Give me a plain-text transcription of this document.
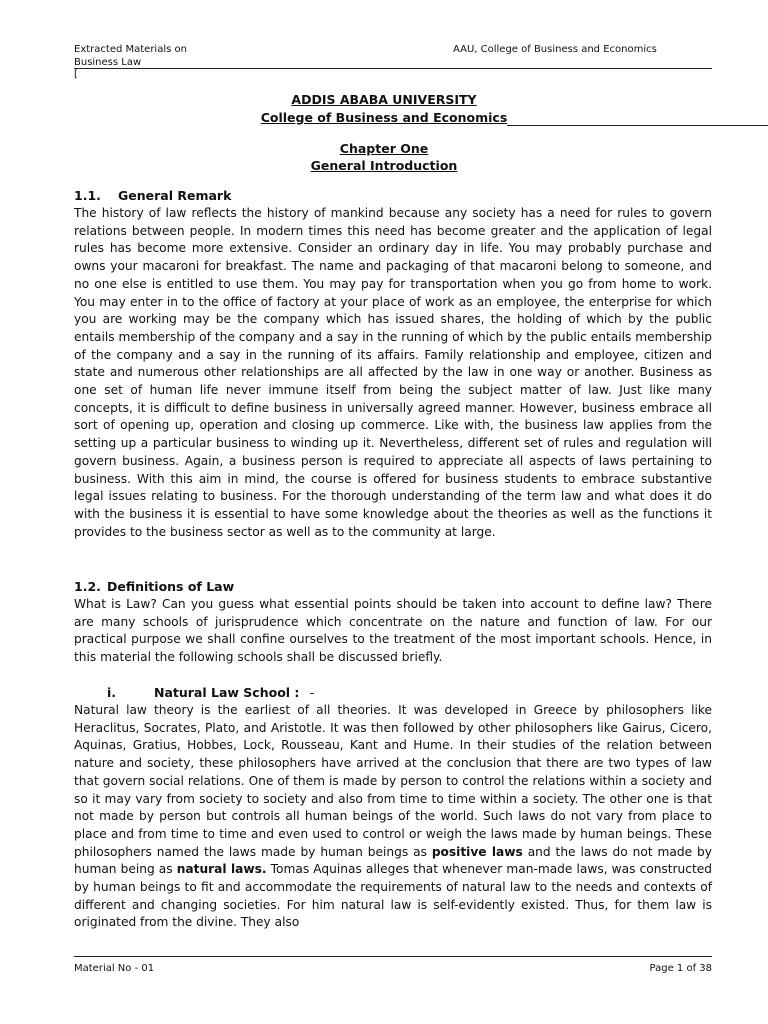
Extracted Materials on
Business Law
AAU, College of Business and Economics
[
ADDIS ABABA UNIVERSITY
College of Business and Economics
Chapter One
General Introduction
1.1. General Remark

The history of law reflects the history of mankind because any society has a need for rules to govern relations between people. In modern times this need has become greater and the application of legal rules has become more extensive. Consider an ordinary day in life. You may probably purchase and owns your macaroni for breakfast. The name and packaging of that macaroni belong to someone, and no one else is entitled to use them. You may pay for transportation when you go from home to work. You may enter in to the office of factory at your place of work as an employee, the enterprise for which you are working may be the company which has issued shares, the holding of which by the public entails membership of the company and a say in the running of which by the public entails membership of the company and a say in the running of its affairs. Family relationship and employee, citizen and state and numerous other relationships are all affected by the law in one way or another. Business as one set of human life never immune itself from being the subject matter of law. Just like many concepts, it is difficult to define business in universally agreed manner. However, business embrace all sort of opening up, operation and closing up commerce. Like with, the business law applies from the setting up a particular business to winding up it. Nevertheless, different set of rules and regulation will govern business. Again, a business person is required to appreciate all aspects of laws pertaining to business. With this aim in mind, the course is offered for business students to embrace substantive legal issues relating to business. For the thorough understanding of the term law and what does it do with the business it is essential to have some knowledge about the theories as well as the functions it provides to the business sector as well as to the community at large.

1.2. Definitions of Law

What is Law? Can you guess what essential points should be taken into account to define law? There are many schools of jurisprudence which concentrate on the nature and function of law. For our practical purpose we shall confine ourselves to the treatment of the most important schools. Hence, in this material the following schools shall be discussed briefly.

i.	Natural Law School : -

Natural law theory is the earliest of all theories. It was developed in Greece by philosophers like Heraclitus, Socrates, Plato, and Aristotle. It was then followed by other philosophers like Gairus, Cicero, Aquinas, Gratius, Hobbes, Lock, Rousseau, Kant and Hume. In their studies of the relation between nature and society, these philosophers have arrived at the conclusion that there are two types of law that govern social relations. One of them is made by person to control the relations within a society and so it may vary from society to society and also from time to time within a society. The other one is that not made by person but controls all human beings of the world. Such laws do not vary from place to place and from time to time and even used to control or weigh the laws made by human beings. These philosophers named the laws made by human beings as positive laws and the laws do not made by human being as natural laws. Tomas Aquinas alleges that whenever man-made laws, was constructed by human beings to fit and accommodate the requirements of natural law to the needs and contexts of different and changing societies. For him natural law is self-evidently existed. Thus, for them law is originated from the divine. They also

Material No - 01	Page 1 of 38
